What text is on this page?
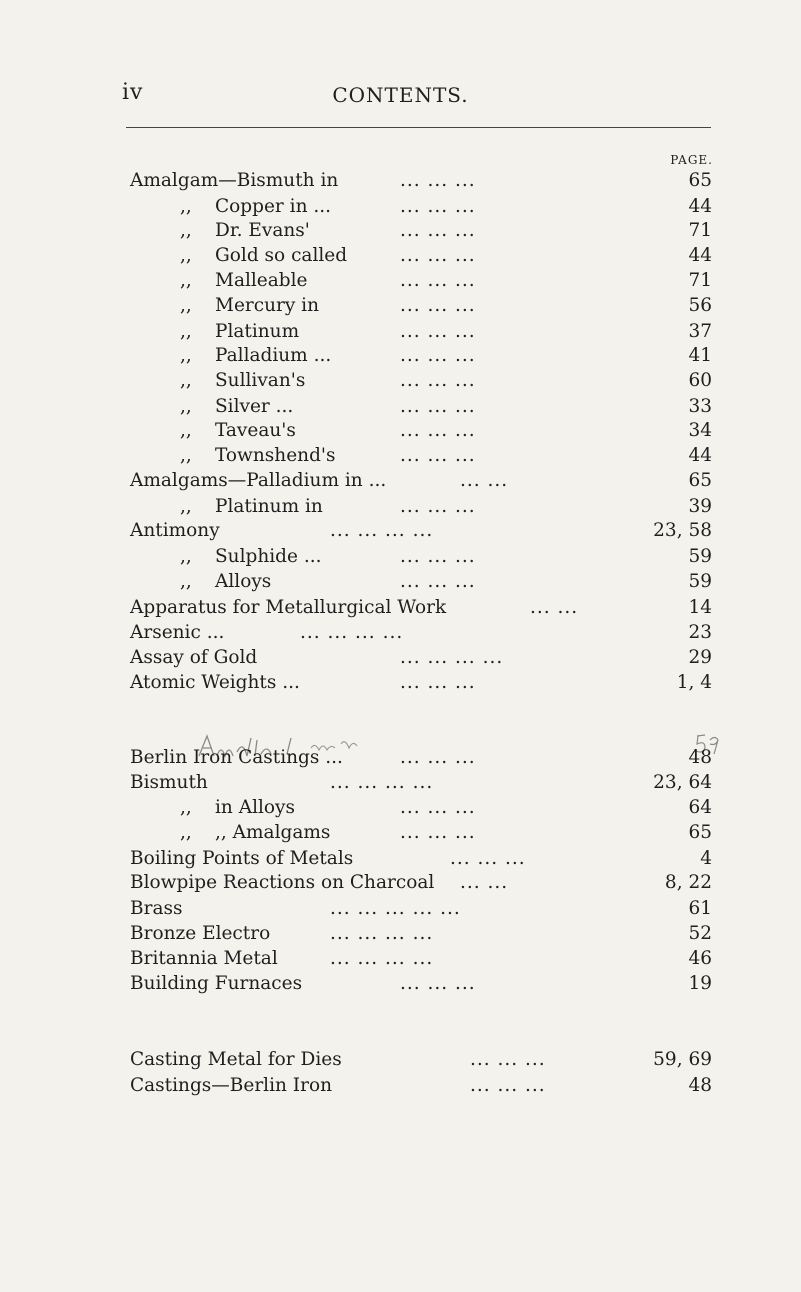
iv	CONTENTS.
PAGE.
Amalgam—Bismuth in	... ... ...	65
,, Copper in ...	... ... ...	44
,, Dr. Evans'	... ... ...	71
,, Gold so called	... ... ...	44
,, Malleable	... ... ...	71
,, Mercury in	... ... ...	56
,, Platinum	... ... ...	37
,, Palladium ...	... ... ...	41
,, Sullivan's	... ... ...	60
,, Silver ...	... ... ...	33
,, Taveau's	... ... ...	34
,, Townshend's	... ... ...	44
Amalgams—Palladium in ...	... ...	65
,, Platinum in	... ... ...	39
Antimony	... ... ... ...	23, 58
,, Sulphide ...	... ... ...	59
,, Alloys	... ... ...	59
Apparatus for Metallurgical Work	... ...	14
Arsenic ...	... ... ... ...	23
Assay of Gold	... ... ... ...	29
Atomic Weights ...	... ... ...	1, 4
Berlin Iron Castings ...	... ... ...	48
Bismuth	... ... ... ...	23, 64
,, in Alloys	... ... ...	64
,, ,, Amalgams	... ... ...	65
Boiling Points of Metals	... ... ...	4
Blowpipe Reactions on Charcoal ... ...	8, 22
Brass	... ... ... ... ...	61
Bronze Electro	... ... ... ...	52
Britannia Metal	... ... ... ...	46
Building Furnaces	... ... ...	19
Casting Metal for Dies	... ... ...	59, 69
Castings—Berlin Iron	... ... ...	48
